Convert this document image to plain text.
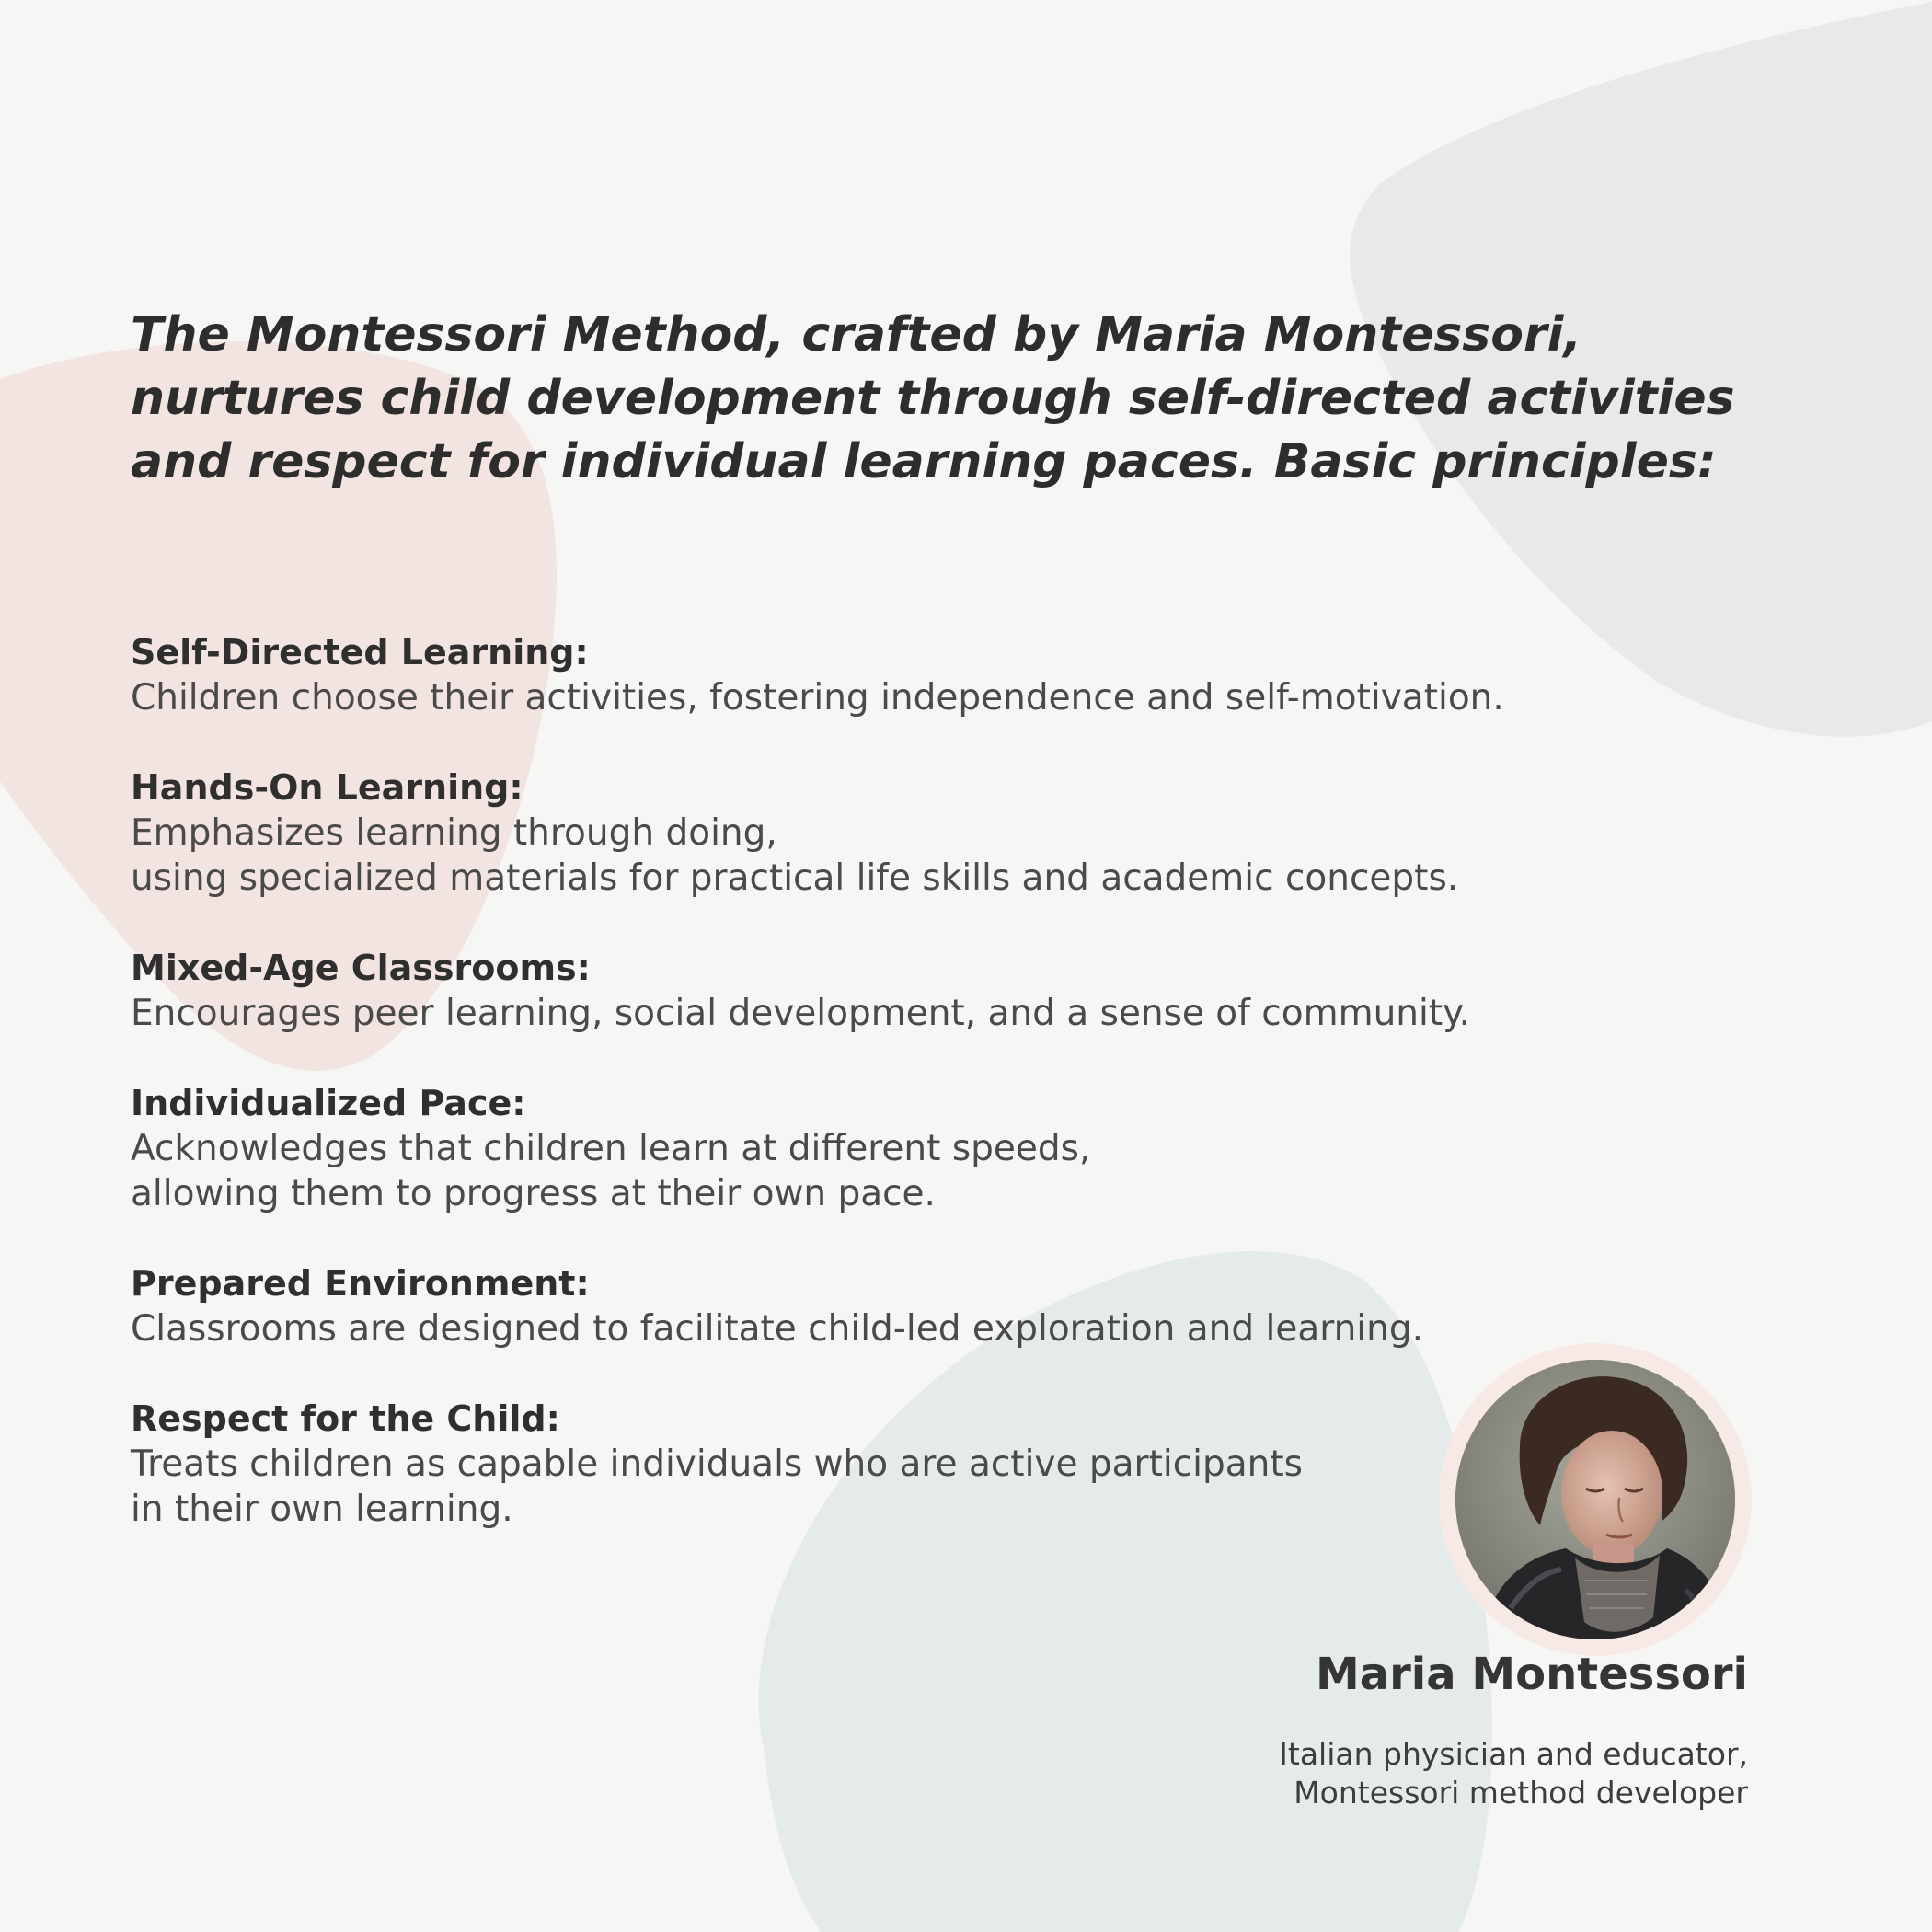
The Montessori Method, crafted by Maria Montessori,
nurtures child development through self-directed activities
and respect for individual learning paces. Basic principles:
Self-Directed Learning:
Children choose their activities, fostering independence and self-motivation.
Hands-On Learning:
Emphasizes learning through doing,
using specialized materials for practical life skills and academic concepts.
Mixed-Age Classrooms:
Encourages peer learning, social development, and a sense of community.
Individualized Pace:
Acknowledges that children learn at different speeds,
allowing them to progress at their own pace.
Prepared Environment:
Classrooms are designed to facilitate child-led exploration and learning.
Respect for the Child:
Treats children as capable individuals who are active participants
in their own learning.
Maria Montessori
Italian physician and educator,
Montessori method developer
